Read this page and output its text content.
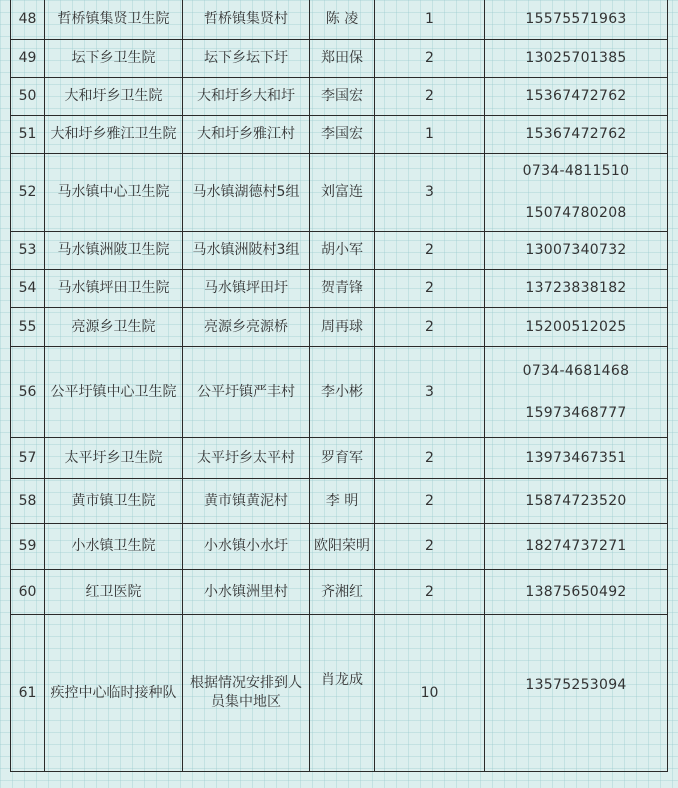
48	哲桥镇集贤卫生院	哲桥镇集贤村	陈 凌	1	15575571963
49	坛下乡卫生院	坛下乡坛下圩	郑田保	2	13025701385
50	大和圩乡卫生院	大和圩乡大和圩	李国宏	2	15367472762
51	大和圩乡雅江卫生院	大和圩乡雅江村	李国宏	1	15367472762
52	马水镇中心卫生院	马水镇湖德村5组	刘富连	3	0734-4811510
15074780208

53	马水镇洲陂卫生院	马水镇洲陂村3组	胡小军	2	13007340732
54	马水镇坪田卫生院	马水镇坪田圩	贺青锋	2	13723838182
55	亮源乡卫生院	亮源乡亮源桥	周再球	2	15200512025
56	公平圩镇中心卫生院	公平圩镇严丰村	李小彬	3	0734-4681468
15973468777

57	太平圩乡卫生院	太平圩乡太平村	罗育军	2	13973467351
58	黄市镇卫生院	黄市镇黄泥村	李 明	2	15874723520
59	小水镇卫生院	小水镇小水圩	欧阳荣明	2	18274737271
60	红卫医院	小水镇洲里村	齐湘红	2	13875650492
61	疾控中心临时接种队	根据情况安排到人员集中地区	肖龙成	10	13575253094
